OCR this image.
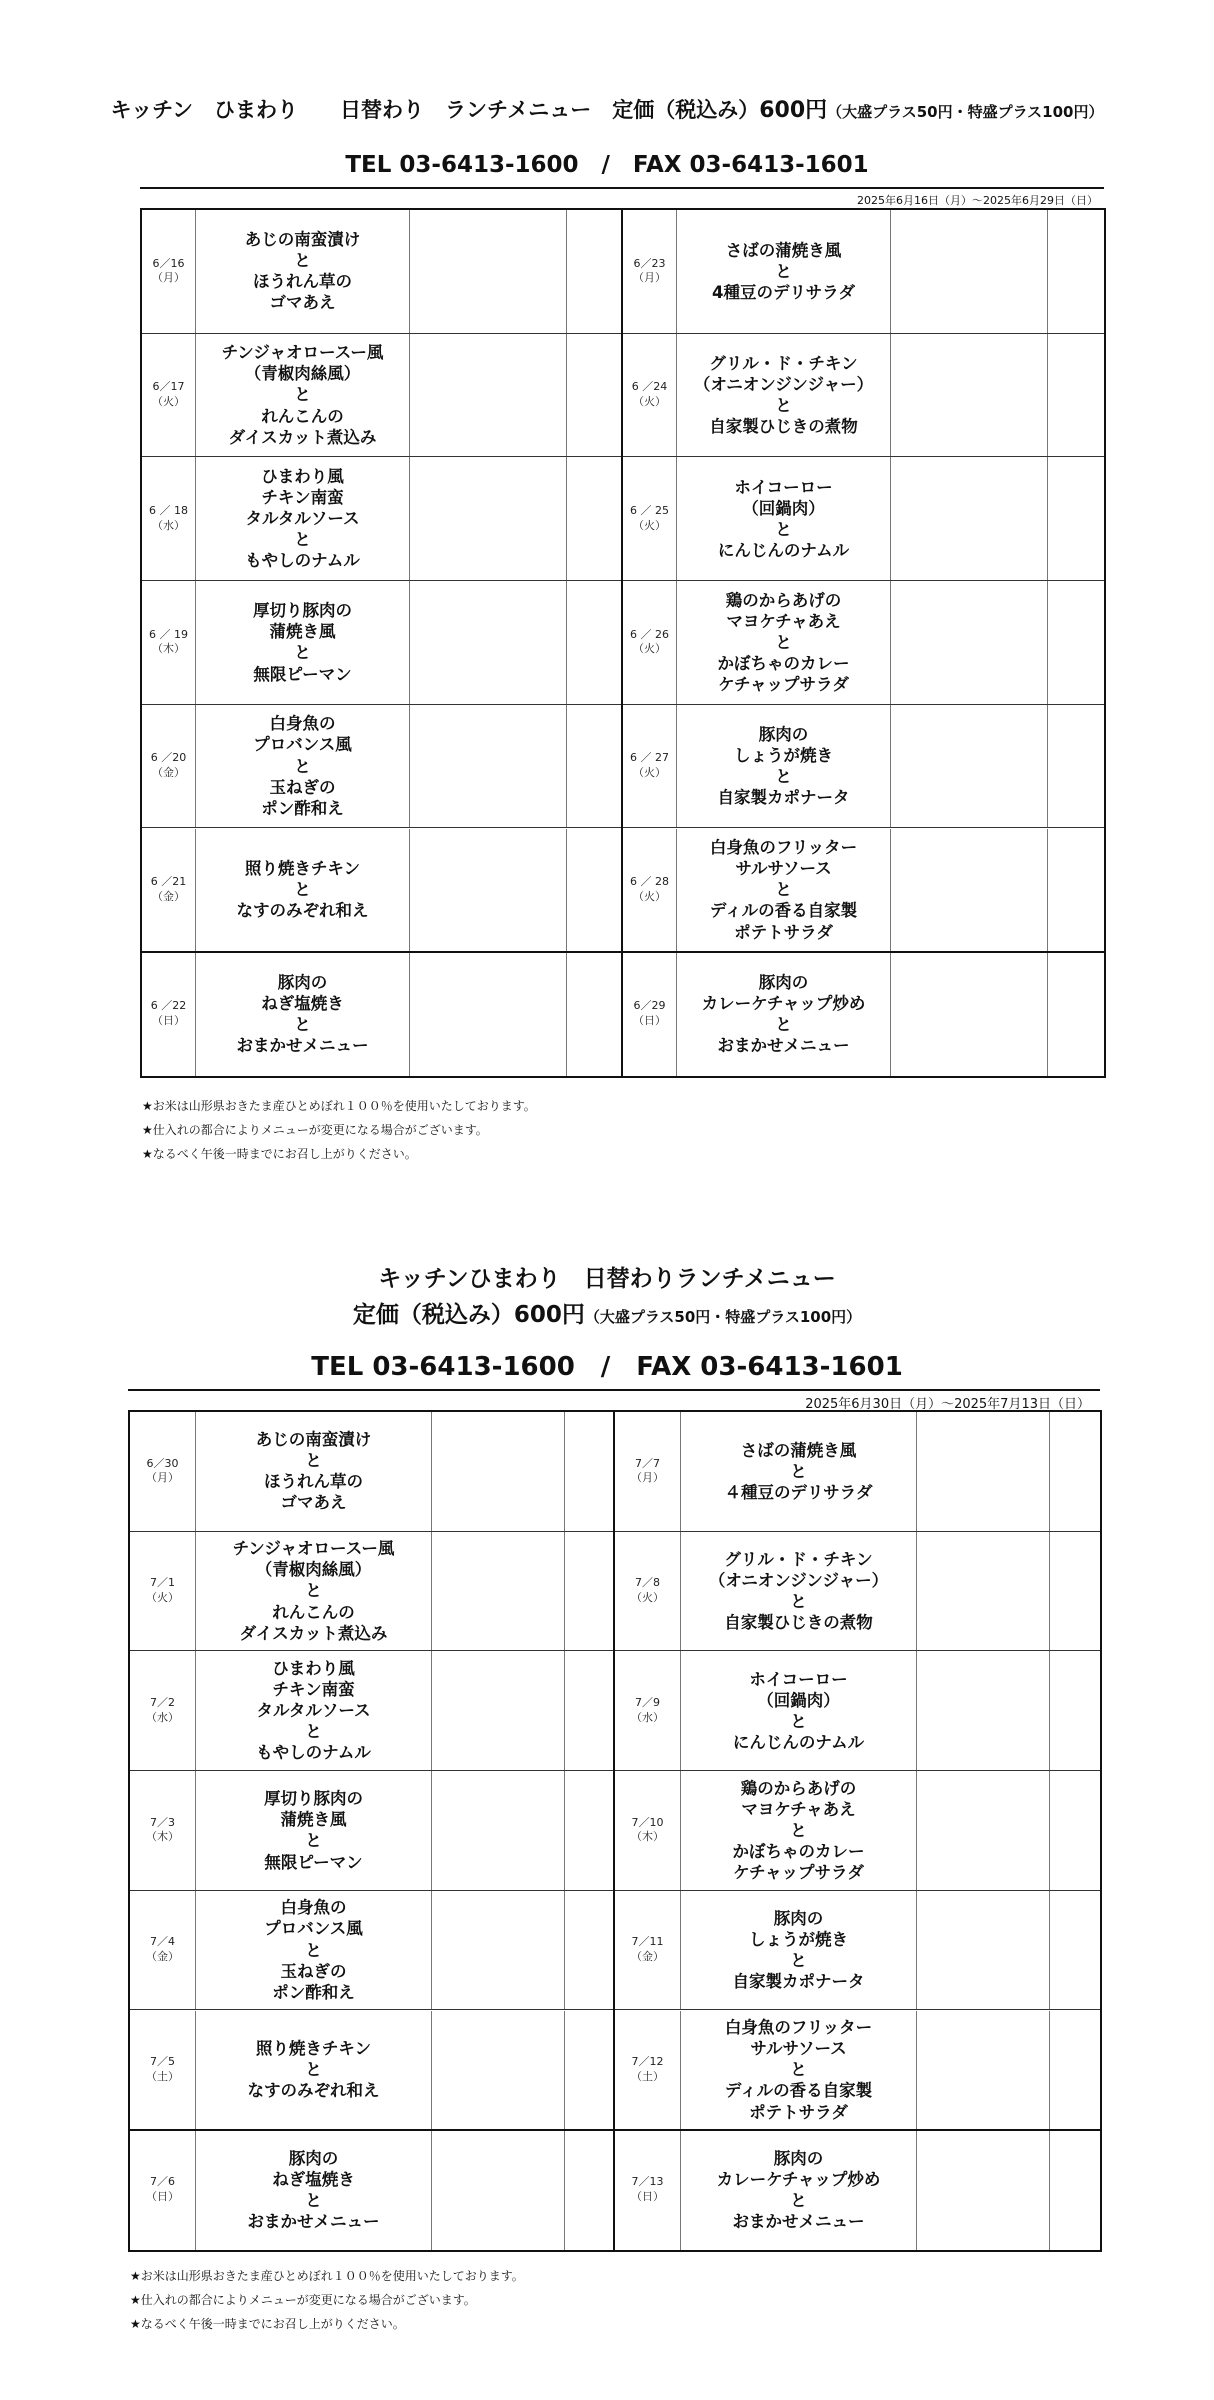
キッチン　ひまわり　　日替わり　ランチメニュー　定価（税込み）600円（大盛プラス50円・特盛プラス100円）
TEL 03-6413-1600　/　FAX 03-6413-1601
2025年6月16日（月）〜2025年6月29日（日）
6／16
（月）
あじの南蛮漬け
と
ほうれん草の
ゴマあえ
6／23
（月）
さばの蒲焼き風
と
4種豆のデリサラダ
6／17
（火）
チンジャオロースー風
（青椒肉絲風）
と
れんこんの
ダイスカット煮込み
6 ／24
（火）
グリル・ド・チキン
（オニオンジンジャー）
と
自家製ひじきの煮物
6 ／ 18
（水）
ひまわり風
チキン南蛮
タルタルソース
と
もやしのナムル
6 ／ 25
（火）
ホイコーロー
（回鍋肉）
と
にんじんのナムル
6 ／ 19
（木）
厚切り豚肉の
蒲焼き風
と
無限ピーマン
6 ／ 26
（火）
鶏のからあげの
マヨケチャあえ
と
かぼちゃのカレー
ケチャップサラダ
6 ／20
（金）
白身魚の
プロバンス風
と
玉ねぎの
ポン酢和え
6 ／ 27
（火）
豚肉の
しょうが焼き
と
自家製カポナータ
6 ／21
（金）
照り焼きチキン
と
なすのみぞれ和え
6 ／ 28
（火）
白身魚のフリッター
サルサソース
と
ディルの香る自家製
ポテトサラダ
6 ／22
（日）
豚肉の
ねぎ塩焼き
と
おまかせメニュー
6／29
（日）
豚肉の
カレーケチャップ炒め
と
おまかせメニュー
★お米は山形県おきたま産ひとめぼれ１００％を使用いたしております。
★仕入れの都合によりメニューが変更になる場合がございます。
★なるべく午後一時までにお召し上がりください。
キッチンひまわり　日替わりランチメニュー
定価（税込み）600円（大盛プラス50円・特盛プラス100円）
TEL 03-6413-1600　/　FAX 03-6413-1601
2025年6月30日（月）〜2025年7月13日（日）
6／30
（月）
あじの南蛮漬け
と
ほうれん草の
ゴマあえ
7／7
（月）
さばの蒲焼き風
と
４種豆のデリサラダ
7／1
（火）
チンジャオロースー風
（青椒肉絲風）
と
れんこんの
ダイスカット煮込み
7／8
（火）
グリル・ド・チキン
（オニオンジンジャー）
と
自家製ひじきの煮物
7／2
（水）
ひまわり風
チキン南蛮
タルタルソース
と
もやしのナムル
7／9
（水）
ホイコーロー
（回鍋肉）
と
にんじんのナムル
7／3
（木）
厚切り豚肉の
蒲焼き風
と
無限ピーマン
7／10
（木）
鶏のからあげの
マヨケチャあえ
と
かぼちゃのカレー
ケチャップサラダ
7／4
（金）
白身魚の
プロバンス風
と
玉ねぎの
ポン酢和え
7／11
（金）
豚肉の
しょうが焼き
と
自家製カポナータ
7／5
（土）
照り焼きチキン
と
なすのみぞれ和え
7／12
（土）
白身魚のフリッター
サルサソース
と
ディルの香る自家製
ポテトサラダ
7／6
（日）
豚肉の
ねぎ塩焼き
と
おまかせメニュー
7／13
（日）
豚肉の
カレーケチャップ炒め
と
おまかせメニュー
★お米は山形県おきたま産ひとめぼれ１００％を使用いたしております。
★仕入れの都合によりメニューが変更になる場合がございます。
★なるべく午後一時までにお召し上がりください。
